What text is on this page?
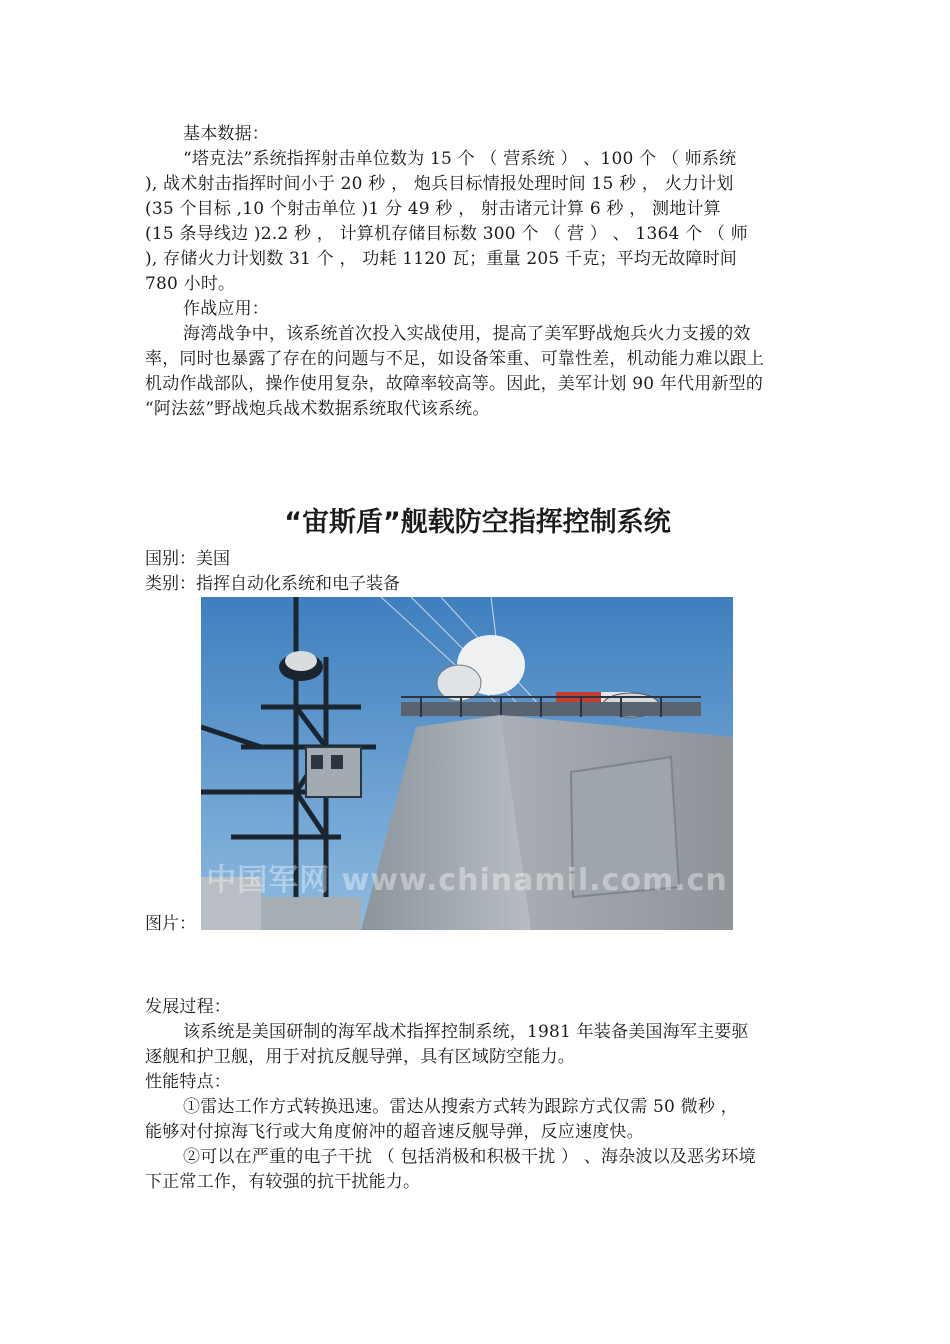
基本数据：
“塔克法”系统指挥射击单位数为 15 个 （ 营系统 ） 、100 个 （ 师系统
), 战术射击指挥时间小于 20 秒 ， 炮兵目标情报处理时间 15 秒 ， 火力计划
(35 个目标 ,10 个射击单位 )1 分 49 秒 ， 射击诸元计算 6 秒 ， 测地计算
(15 条导线边 )2.2 秒 ， 计算机存储目标数 300 个 （ 营 ） 、 1364 个 （ 师
), 存储火力计划数 31 个 ， 功耗 1120 瓦；重量 205 千克；平均无故障时间
780 小时。
作战应用：
海湾战争中，该系统首次投入实战使用，提高了美军野战炮兵火力支援的效
率，同时也暴露了存在的问题与不足，如设备笨重、可靠性差，机动能力难以跟上
机动作战部队，操作使用复杂，故障率较高等。因此，美军计划 90 年代用新型的
“阿法兹”野战炮兵战术数据系统取代该系统。
“宙斯盾”舰载防空指挥控制系统
国别：美国
类别：指挥自动化系统和电子装备
图片：
中国军网 www.chinamil.com.cn
发展过程：
该系统是美国研制的海军战术指挥控制系统，1981 年装备美国海军主要驱
逐舰和护卫舰，用于对抗反舰导弹，具有区域防空能力。
性能特点：
①雷达工作方式转换迅速。雷达从搜索方式转为跟踪方式仅需 50 微秒 ，
能够对付掠海飞行或大角度俯冲的超音速反舰导弹，反应速度快。
②可以在严重的电子干扰 （ 包括消极和积极干扰 ） 、海杂波以及恶劣环境
下正常工作，有较强的抗干扰能力。
